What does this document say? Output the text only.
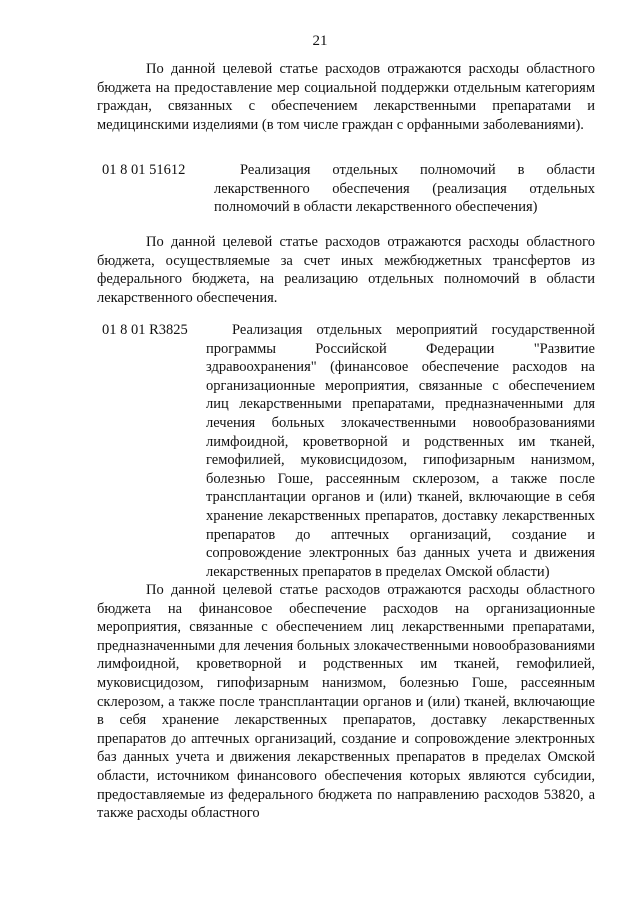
21

По данной целевой статье расходов отражаются расходы областного бюджета на предоставление мер социальной поддержки отдельным категориям граждан, связанных с обеспечением лекарственными препаратами и медицинскими изделиями (в том числе граждан с орфанными заболеваниями).

01 8 01 51612	Реализация отдельных полномочий в области лекарственного обеспечения (реализация отдельных полномочий в области лекарственного обеспечения)

По данной целевой статье расходов отражаются расходы областного бюджета, осуществляемые за счет иных межбюджетных трансфертов из федерального бюджета, на реализацию отдельных полномочий в области лекарственного обеспечения.

01 8 01 R3825	Реализация отдельных мероприятий государственной программы Российской Федерации "Развитие здравоохранения" (финансовое обеспечение расходов на организационные мероприятия, связанные с обеспечением лиц лекарственными препаратами, предназначенными для лечения больных злокачественными новообразованиями лимфоидной, кроветворной и родственных им тканей, гемофилией, муковисцидозом, гипофизарным нанизмом, болезнью Гоше, рассеянным склерозом, а также после трансплантации органов и (или) тканей, включающие в себя хранение лекарственных препаратов, доставку лекарственных препаратов до аптечных организаций, создание и сопровождение электронных баз данных учета и движения лекарственных препаратов в пределах Омской области)

По данной целевой статье расходов отражаются расходы областного бюджета на финансовое обеспечение расходов на организационные мероприятия, связанные с обеспечением лиц лекарственными препаратами, предназначенными для лечения больных злокачественными новообразованиями лимфоидной, кроветворной и родственных им тканей, гемофилией, муковисцидозом, гипофизарным нанизмом, болезнью Гоше, рассеянным склерозом, а также после трансплантации органов и (или) тканей, включающие в себя хранение лекарственных препаратов, доставку лекарственных препаратов до аптечных организаций, создание и сопровождение электронных баз данных учета и движения лекарственных препаратов в пределах Омской области, источником финансового обеспечения которых являются субсидии, предоставляемые из федерального бюджета по направлению расходов 53820, а также расходы областного
